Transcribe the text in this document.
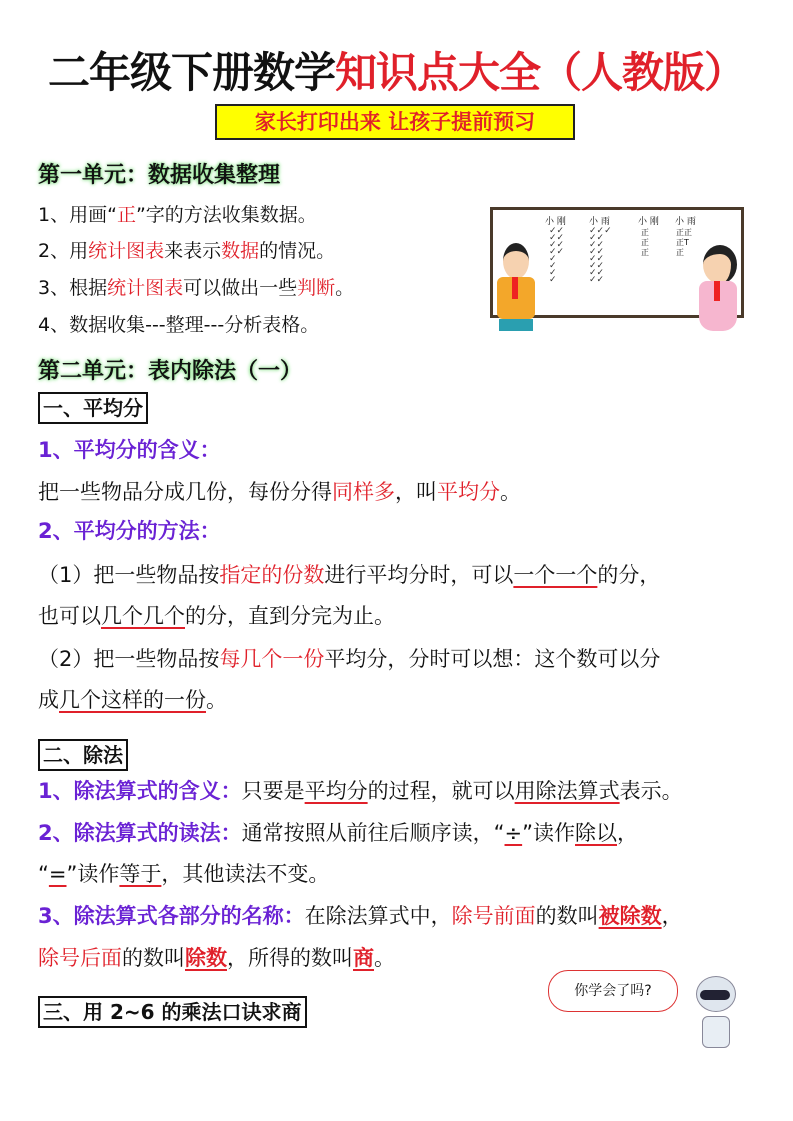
二年级下册数学知识点大全（人教版）
家长打印出来 让孩子提前预习
第一单元：数据收集整理
1、用画“正”字的方法收集数据。
2、用统计图表来表示数据的情况。
3、根据统计图表可以做出一些判断。
4、数据收集---整理---分析表格。
小 刚	小 雨	小 刚 小 雨
✓✓
✓✓
✓✓
✓✓
✓
✓
✓
✓
✓✓✓
✓✓
✓✓
✓✓
✓✓
✓✓
✓✓
✓✓
正
正
正
正正
正T
正
第二单元：表内除法（一）
一、平均分
1、平均分的含义：
把一些物品分成几份，每份分得同样多，叫平均分。
2、平均分的方法：
（1）把一些物品按指定的份数进行平均分时，可以一个一个的分，
也可以几个几个的分，直到分完为止。
（2）把一些物品按每几个一份平均分，分时可以想：这个数可以分
成几个这样的一份。
二、除法
1、除法算式的含义：只要是平均分的过程，就可以用除法算式表示。
2、除法算式的读法：通常按照从前往后顺序读，“÷”读作除以，
“=”读作等于，其他读法不变。
3、除法算式各部分的名称：在除法算式中，除号前面的数叫被除数，
除号后面的数叫除数，所得的数叫商。
三、用 2~6 的乘法口诀求商
你学会了吗?
